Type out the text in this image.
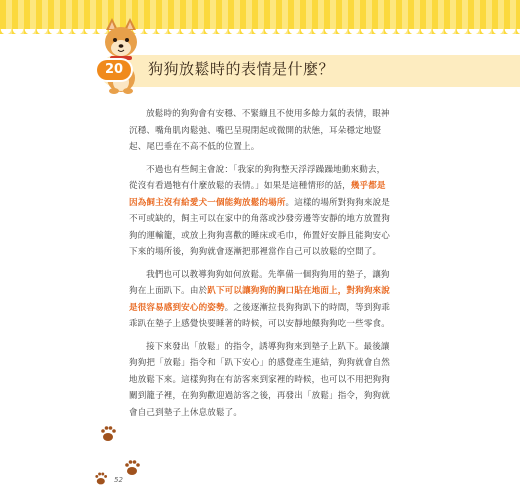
20	狗狗放鬆時的表情是什麼？

放鬆時的狗狗會有安穩、不緊繃且不使用多餘力氣的表情，眼神沉穩、嘴角肌肉鬆弛、嘴巴呈現閉起或微開的狀態，耳朵穩定地豎起、尾巴垂在不高不低的位置上。

不過也有些飼主會說：「我家的狗狗整天浮浮躁躁地動來動去，從沒有看過牠有什麼放鬆的表情。」如果是這種情形的話，幾乎都是因為飼主沒有給愛犬一個能夠放鬆的場所。這樣的場所對狗狗來說是不可或缺的，飼主可以在家中的角落或沙發旁邊等安靜的地方放置狗狗的運輸籠，或放上狗狗喜歡的睡床或毛巾，佈置好安靜且能夠安心下來的場所後，狗狗就會逐漸把那裡當作自己可以放鬆的空間了。

我們也可以教導狗狗如何放鬆。先準備一個狗狗用的墊子，讓狗狗在上面趴下。由於趴下可以讓狗狗的胸口貼在地面上，對狗狗來說是很容易感到安心的姿勢。之後逐漸拉長狗狗趴下的時間，等到狗乖乖趴在墊子上感覺快要睡著的時候，可以安靜地餵狗狗吃一些零食。

接下來發出「放鬆」的指令，誘導狗狗來到墊子上趴下。最後讓狗狗把「放鬆」指令和「趴下安心」的感覺產生連結，狗狗就會自然地放鬆下來。這樣狗狗在有訪客來到家裡的時候，也可以不用把狗狗關到籠子裡，在狗狗歡迎過訪客之後，再發出「放鬆」指令，狗狗就會自己到墊子上休息放鬆了。

52
